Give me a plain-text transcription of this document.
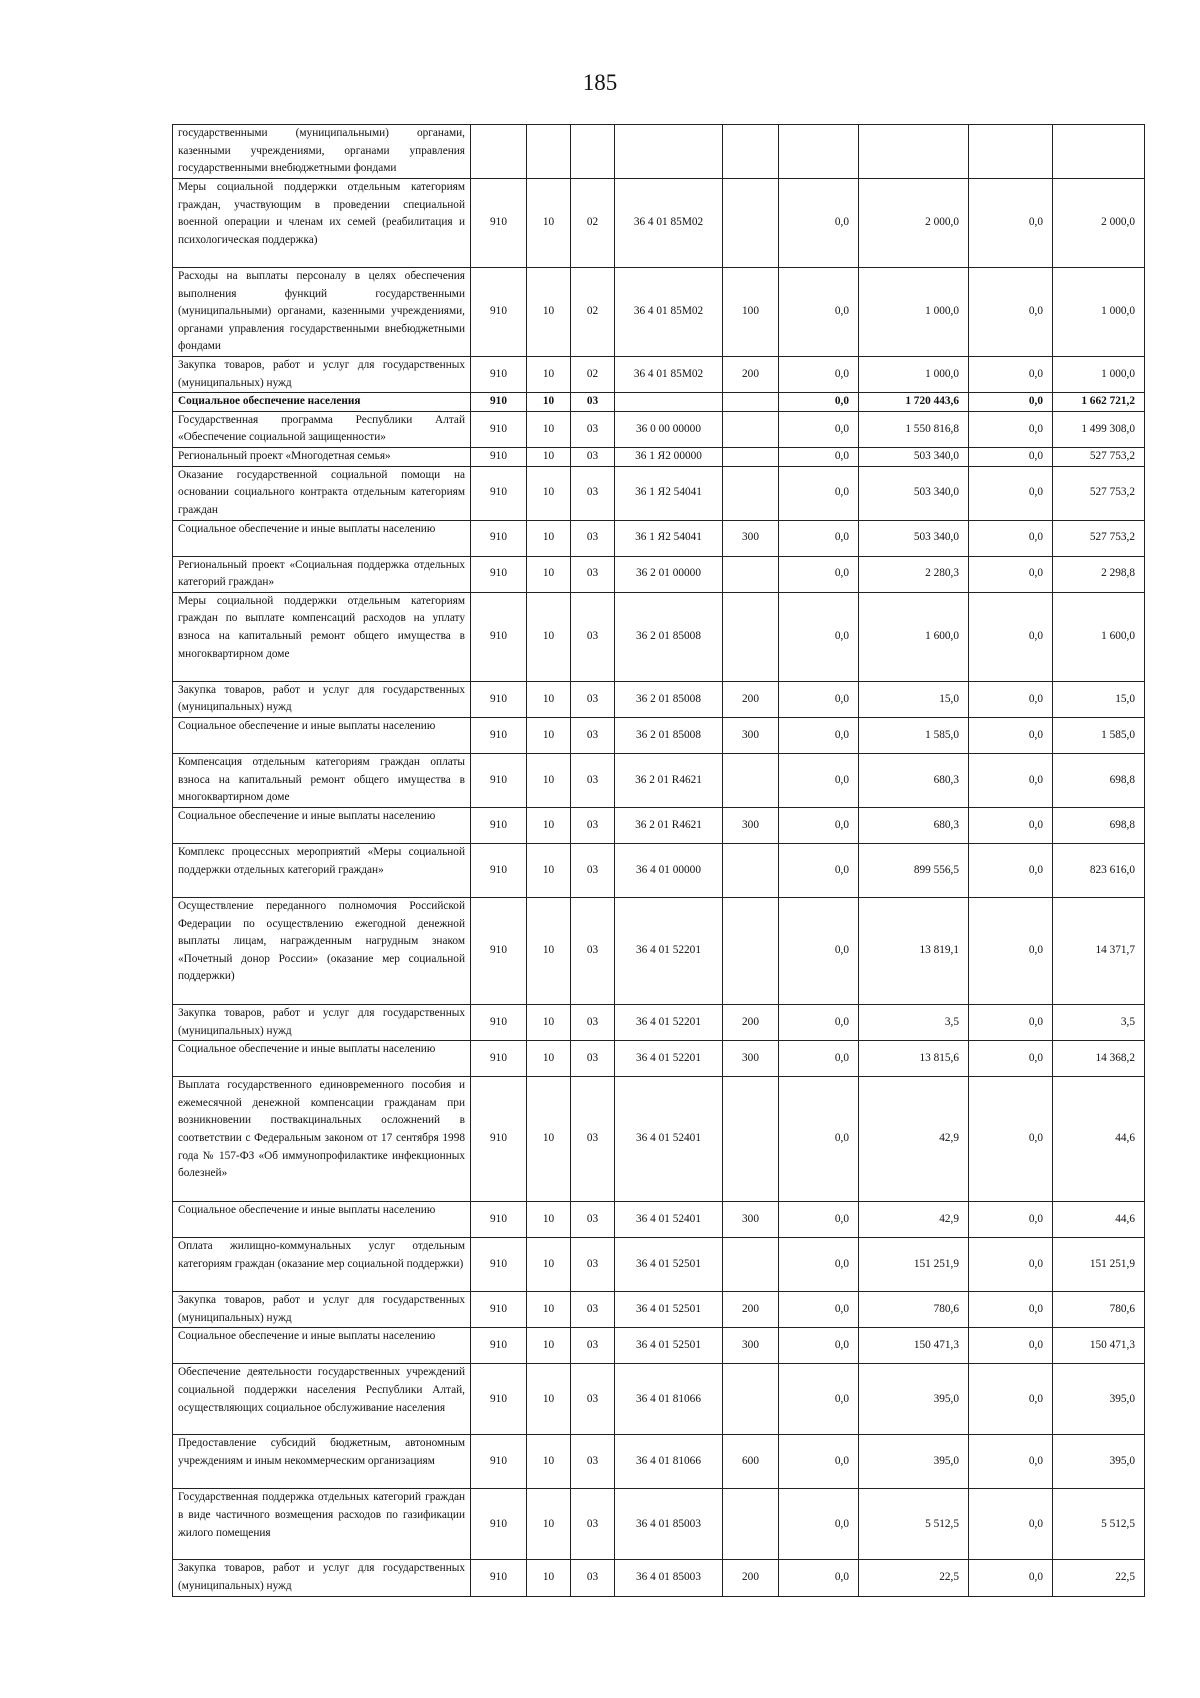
185
государственными (муниципальными) органами, казенными учреждениями, органами управления государственными внебюджетными фондами									
Меры социальной поддержки отдельным категориям граждан, участвующим в проведении специальной военной операции и членам их семей (реабилитация и психологическая поддержка)	910	10	02	36 4 01 85M02		0,0	2 000,0	0,0	2 000,0
Расходы на выплаты персоналу в целях обеспечения выполнения функций государственными (муниципальными) органами, казенными учреждениями, органами управления государственными внебюджетными фондами	910	10	02	36 4 01 85M02	100	0,0	1 000,0	0,0	1 000,0
Закупка товаров, работ и услуг для государственных (муниципальных) нужд	910	10	02	36 4 01 85M02	200	0,0	1 000,0	0,0	1 000,0
Социальное обеспечение населения	910	10	03			0,0	1 720 443,6	0,0	1 662 721,2
Государственная программа Республики Алтай «Обеспечение социальной защищенности»	910	10	03	36 0 00 00000		0,0	1 550 816,8	0,0	1 499 308,0
Региональный проект «Многодетная семья»	910	10	03	36 1 Я2 00000		0,0	503 340,0	0,0	527 753,2
Оказание государственной социальной помощи на основании социального контракта отдельным категориям граждан	910	10	03	36 1 Я2 54041		0,0	503 340,0	0,0	527 753,2
Социальное обеспечение и иные выплаты населению	910	10	03	36 1 Я2 54041	300	0,0	503 340,0	0,0	527 753,2
Региональный проект «Социальная поддержка отдельных категорий граждан»	910	10	03	36 2 01 00000		0,0	2 280,3	0,0	2 298,8
Меры социальной поддержки отдельным категориям граждан по выплате компенсаций расходов на уплату взноса на капитальный ремонт общего имущества в многоквартирном доме	910	10	03	36 2 01 85008		0,0	1 600,0	0,0	1 600,0
Закупка товаров, работ и услуг для государственных (муниципальных) нужд	910	10	03	36 2 01 85008	200	0,0	15,0	0,0	15,0
Социальное обеспечение и иные выплаты населению	910	10	03	36 2 01 85008	300	0,0	1 585,0	0,0	1 585,0
Компенсация отдельным категориям граждан оплаты взноса на капитальный ремонт общего имущества в многоквартирном доме	910	10	03	36 2 01 R4621		0,0	680,3	0,0	698,8
Социальное обеспечение и иные выплаты населению	910	10	03	36 2 01 R4621	300	0,0	680,3	0,0	698,8
Комплекс процессных мероприятий «Меры социальной поддержки отдельных категорий граждан»	910	10	03	36 4 01 00000		0,0	899 556,5	0,0	823 616,0
Осуществление переданного полномочия Российской Федерации по осуществлению ежегодной денежной выплаты лицам, награжденным нагрудным знаком «Почетный донор России» (оказание мер социальной поддержки)	910	10	03	36 4 01 52201		0,0	13 819,1	0,0	14 371,7
Закупка товаров, работ и услуг для государственных (муниципальных) нужд	910	10	03	36 4 01 52201	200	0,0	3,5	0,0	3,5
Социальное обеспечение и иные выплаты населению	910	10	03	36 4 01 52201	300	0,0	13 815,6	0,0	14 368,2
Выплата государственного единовременного пособия и ежемесячной денежной компенсации гражданам при возникновении поствакцинальных осложнений в соответствии с Федеральным законом от 17 сентября 1998 года № 157-ФЗ «Об иммунопрофилактике инфекционных болезней»	910	10	03	36 4 01 52401		0,0	42,9	0,0	44,6
Социальное обеспечение и иные выплаты населению	910	10	03	36 4 01 52401	300	0,0	42,9	0,0	44,6
Оплата жилищно-коммунальных услуг отдельным категориям граждан (оказание мер социальной поддержки)	910	10	03	36 4 01 52501		0,0	151 251,9	0,0	151 251,9
Закупка товаров, работ и услуг для государственных (муниципальных) нужд	910	10	03	36 4 01 52501	200	0,0	780,6	0,0	780,6
Социальное обеспечение и иные выплаты населению	910	10	03	36 4 01 52501	300	0,0	150 471,3	0,0	150 471,3
Обеспечение деятельности государственных учреждений социальной поддержки населения Республики Алтай, осуществляющих социальное обслуживание населения	910	10	03	36 4 01 81066		0,0	395,0	0,0	395,0
Предоставление субсидий бюджетным, автономным учреждениям и иным некоммерческим организациям	910	10	03	36 4 01 81066	600	0,0	395,0	0,0	395,0
Государственная поддержка отдельных категорий граждан в виде частичного возмещения расходов по газификации жилого помещения	910	10	03	36 4 01 85003		0,0	5 512,5	0,0	5 512,5
Закупка товаров, работ и услуг для государственных (муниципальных) нужд	910	10	03	36 4 01 85003	200	0,0	22,5	0,0	22,5
